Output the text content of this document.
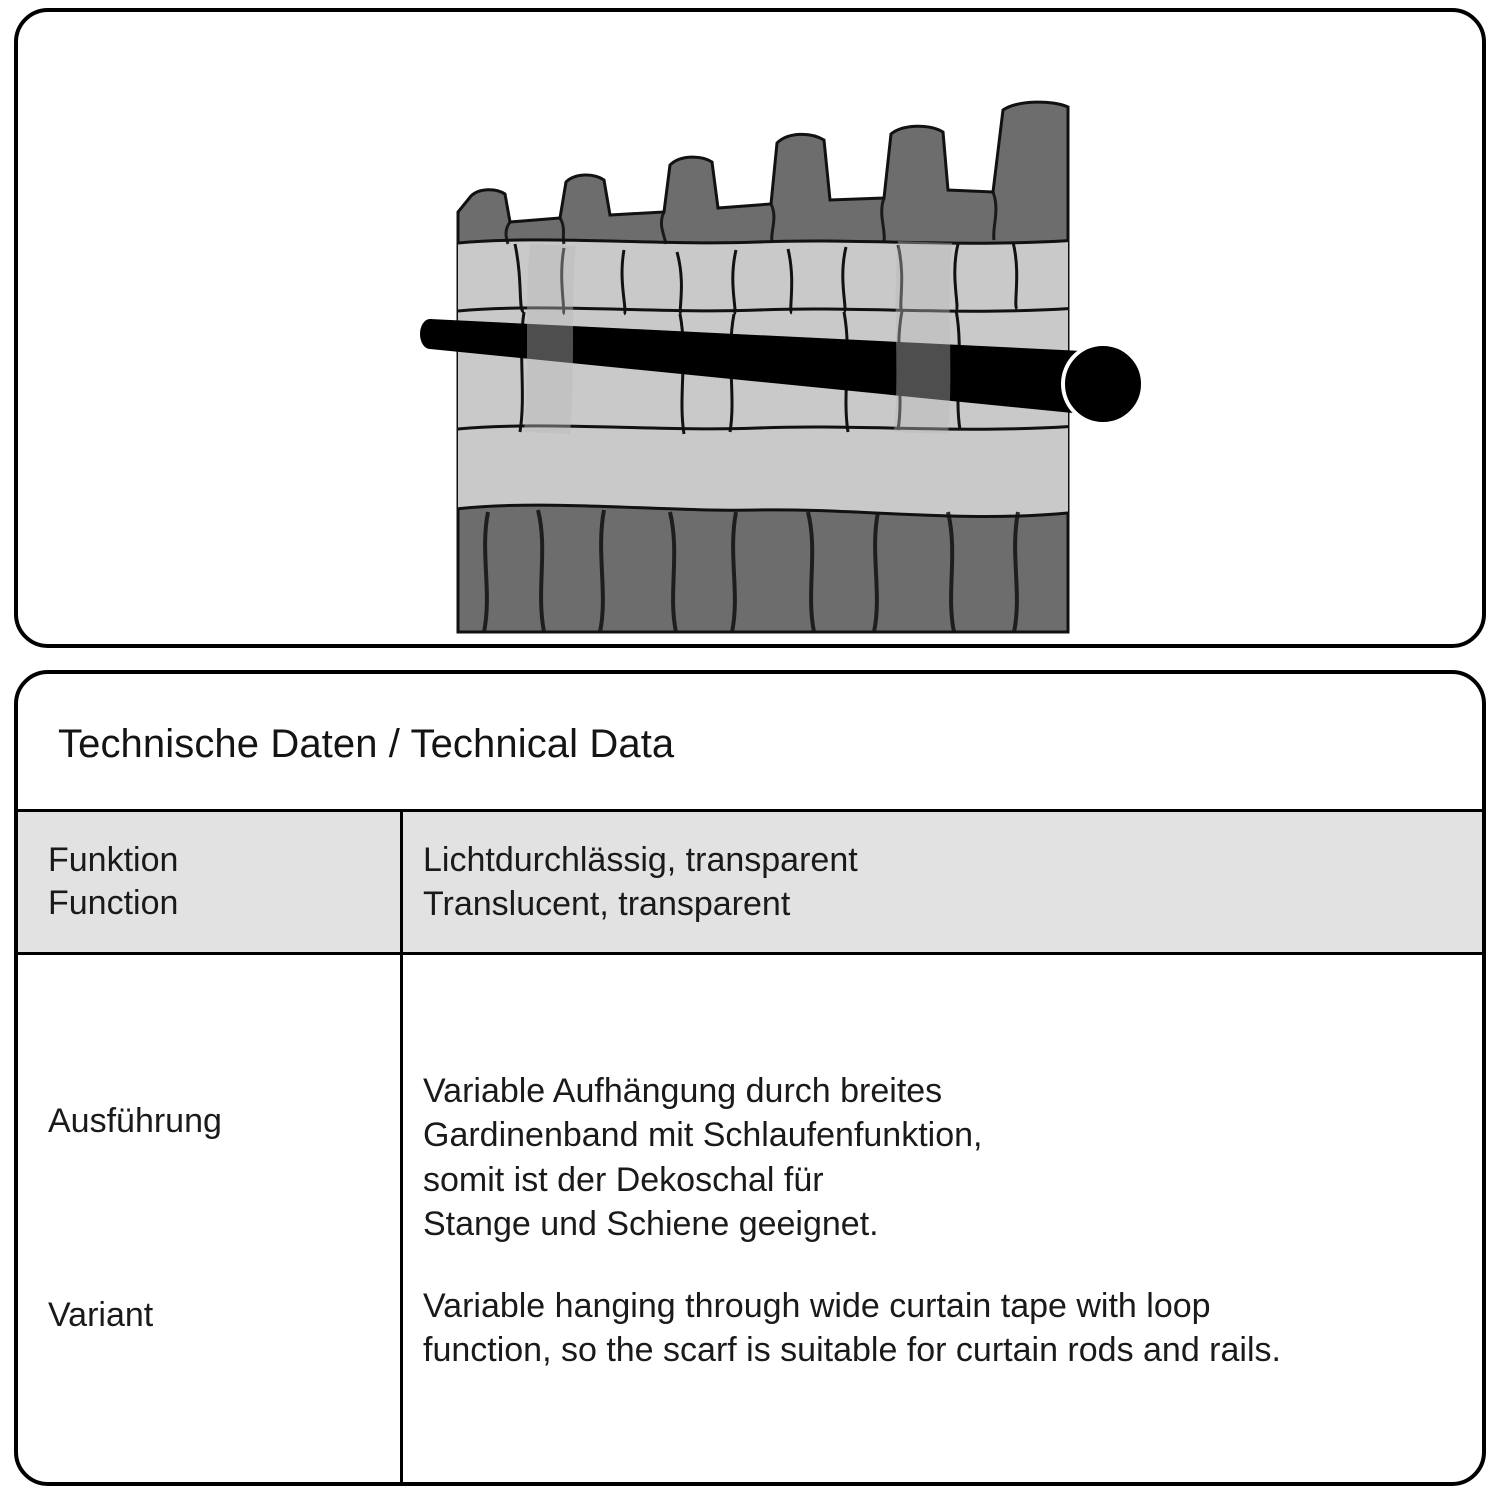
Technische Daten / Technical Data
Funktion
Function
Lichtdurchlässig, transparent
Translucent, transparent
Ausführung
Variant
Variable Aufhängung durch breites
Gardinenband mit Schlaufenfunktion,
somit ist der Dekoschal für
Stange und Schiene geeignet.
Variable hanging through wide curtain tape with loop
function, so the scarf is suitable for curtain rods and rails.
